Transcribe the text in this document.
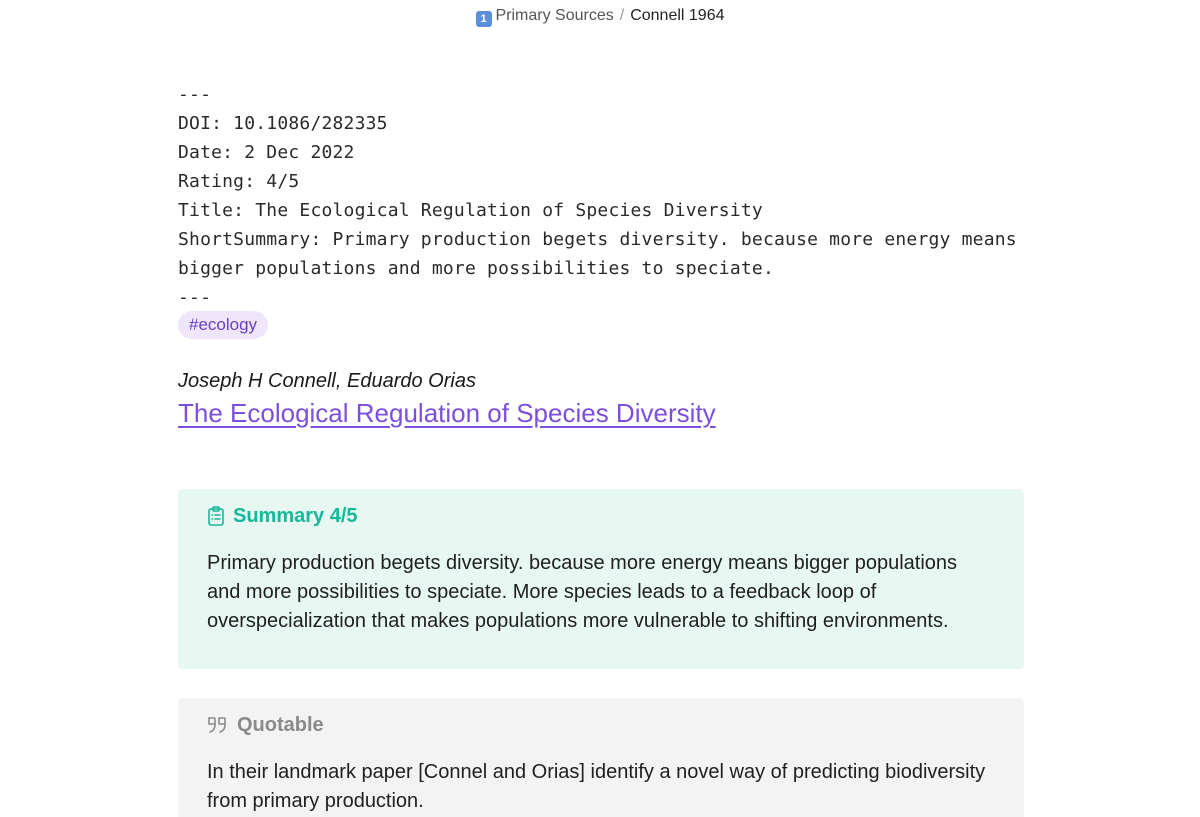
1 Primary Sources / Connell 1964
---
DOI: 10.1086/282335
Date: 2 Dec 2022
Rating: 4/5
Title: The Ecological Regulation of Species Diversity
ShortSummary: Primary production begets diversity. because more energy means bigger populations and more possibilities to speciate.
---
#ecology
Joseph H Connell, Eduardo Orias
The Ecological Regulation of Species Diversity
Summary 4/5
Primary production begets diversity. because more energy means bigger populations and more possibilities to speciate. More species leads to a feedback loop of overspecialization that makes populations more vulnerable to shifting environments.
Quotable
In their landmark paper [Connel and Orias] identify a novel way of predicting biodiversity from primary production.
